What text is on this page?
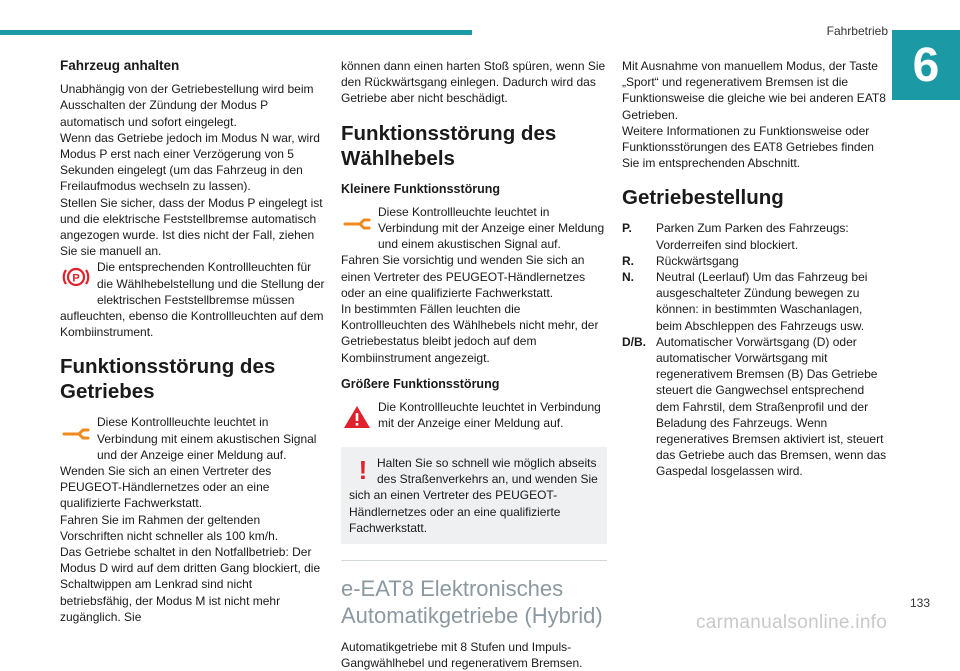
Fahrbetrieb
6
Fahrzeug anhalten

Unabhängig von der Getriebestellung wird beim Ausschalten der Zündung der Modus P automatisch und sofort eingelegt.

Wenn das Getriebe jedoch im Modus N war, wird Modus P erst nach einer Verzögerung von 5 Sekunden eingelegt (um das Fahrzeug in den Freilaufmodus wechseln zu lassen).

Stellen Sie sicher, dass der Modus P eingelegt ist und die elektrische Feststellbremse automatisch angezogen wurde. Ist dies nicht der Fall, ziehen Sie sie manuell an.

P

Die entsprechenden Kontrollleuchten für die Wählhebelstellung und die Stellung der elektrischen Feststellbremse müssen aufleuchten, ebenso die Kontrollleuchten auf dem Kombiinstrument.

Funktionsstörung des Getriebes

Diese Kontrollleuchte leuchtet in Verbindung mit einem akustischen Signal und der Anzeige einer Meldung auf.

Wenden Sie sich an einen Vertreter des PEUGEOT-Händlernetzes oder an eine qualifizierte Fachwerkstatt.

Fahren Sie im Rahmen der geltenden Vorschriften nicht schneller als 100 km/h.

Das Getriebe schaltet in den Notfallbetrieb: Der Modus D wird auf dem dritten Gang blockiert, die Schaltwippen am Lenkrad sind nicht betriebsfähig, der Modus M ist nicht mehr zugänglich. Sie

können dann einen harten Stoß spüren, wenn Sie den Rückwärtsgang einlegen. Dadurch wird das Getriebe aber nicht beschädigt.

Funktionsstörung des Wählhebels
Kleinere Funktionsstörung

Diese Kontrollleuchte leuchtet in Verbindung mit der Anzeige einer Meldung und einem akustischen Signal auf.

Fahren Sie vorsichtig und wenden Sie sich an einen Vertreter des PEUGEOT-Händlernetzes oder an eine qualifizierte Fachwerkstatt.

In bestimmten Fällen leuchten die Kontrollleuchten des Wählhebels nicht mehr, der Getriebestatus bleibt jedoch auf dem Kombiinstrument angezeigt.

Größere Funktionsstörung

Die Kontrollleuchte leuchtet in Verbindung mit der Anzeige einer Meldung auf.

! Halten Sie so schnell wie möglich abseits des Straßenverkehrs an, und wenden Sie sich an einen Vertreter des PEUGEOT-Händlernetzes oder an eine qualifizierte Fachwerkstatt.

e-EAT8 Elektronisches Automatikgetriebe (Hybrid)

Automatikgetriebe mit 8 Stufen und Impuls-Gangwählhebel und regenerativem Bremsen.

Mit Ausnahme von manuellem Modus, der Taste „Sport“ und regenerativem Bremsen ist die Funktionsweise die gleiche wie bei anderen EAT8 Getrieben.

Weitere Informationen zu Funktionsweise oder Funktionsstörungen des EAT8 Getriebes finden Sie im entsprechenden Abschnitt.

Getriebestellung
P.	Parken Zum Parken des Fahrzeugs: Vorderreifen sind blockiert.
R.	Rückwärtsgang
N.	Neutral (Leerlauf) Um das Fahrzeug bei ausgeschalteter Zündung bewegen zu können: in bestimmten Waschanlagen, beim Abschleppen des Fahrzeugs usw.
D/B. Automatischer Vorwärtsgang (D) oder automatischer Vorwärtsgang mit regenerativem Bremsen (B) Das Getriebe steuert die Gangwechsel entsprechend dem Fahrstil, dem Straßenprofil und der Beladung des Fahrzeugs. Wenn regeneratives Bremsen aktiviert ist, steuert das Getriebe auch das Bremsen, wenn das Gaspedal losgelassen wird.
133
carmanualsonline.info
